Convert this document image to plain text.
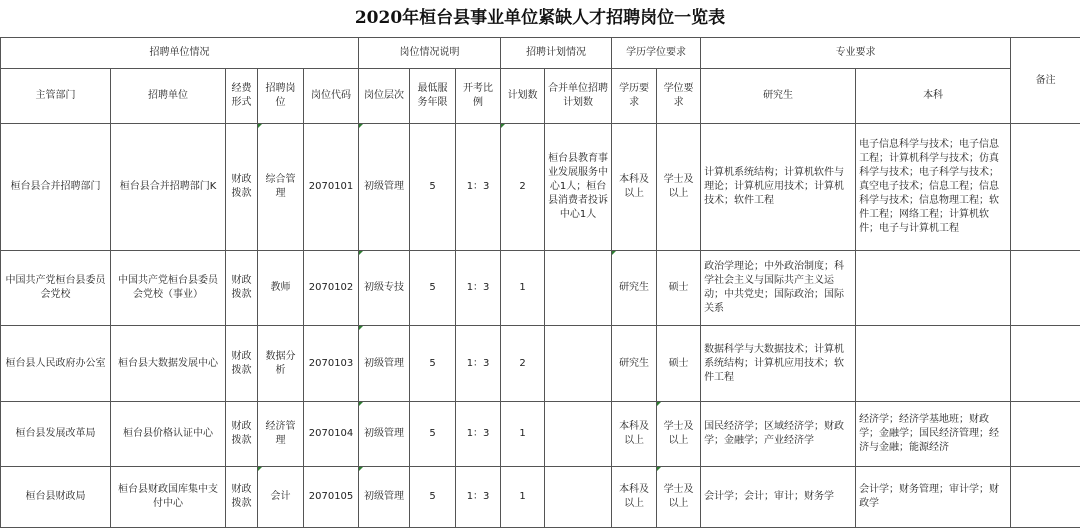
2020年桓台县事业单位紧缺人才招聘岗位一览表
招聘单位情况					岗位情况说明			招聘计划情况		学历学位要求		专业要求		备注
主管部门	招聘单位	经费形式	招聘岗位	岗位代码	岗位层次	最低服务年限	开考比例	计划数	合并单位招聘计划数	学历要求	学位要求	研究生	本科	
桓台县合并招聘部门	桓台县合并招聘部门K	财政拨款	综合管理	2070101	初级管理	5	1：3	2	桓台县教育事业发展服务中心1人；桓台县消费者投诉中心1人	本科及以上	学士及以上	计算机系统结构；计算机软件与理论；计算机应用技术；计算机技术；软件工程	电子信息科学与技术；电子信息工程；计算机科学与技术；仿真科学与技术；电子科学与技术；真空电子技术；信息工程；信息科学与技术；信息物理工程；软件工程；网络工程；计算机软件；电子与计算机工程	
中国共产党桓台县委员会党校	中国共产党桓台县委员会党校（事业）	财政拨款	教师	2070102	初级专技	5	1：3	1		研究生	硕士	政治学理论；中外政治制度；科学社会主义与国际共产主义运动；中共党史；国际政治；国际关系		
桓台县人民政府办公室	桓台县大数据发展中心	财政拨款	数据分析	2070103	初级管理	5	1：3	2		研究生	硕士	数据科学与大数据技术；计算机系统结构；计算机应用技术；软件工程		
桓台县发展改革局	桓台县价格认证中心	财政拨款	经济管理	2070104	初级管理	5	1：3	1		本科及以上	学士及以上	国民经济学；区域经济学；财政学；金融学；产业经济学	经济学；经济学基地班；财政学；金融学；国民经济管理；经济与金融；能源经济	
桓台县财政局	桓台县财政国库集中支付中心	财政拨款	会计	2070105	初级管理	5	1：3	1		本科及以上	学士及以上	会计学；会计；审计；财务学	会计学；财务管理；审计学；财政学	
